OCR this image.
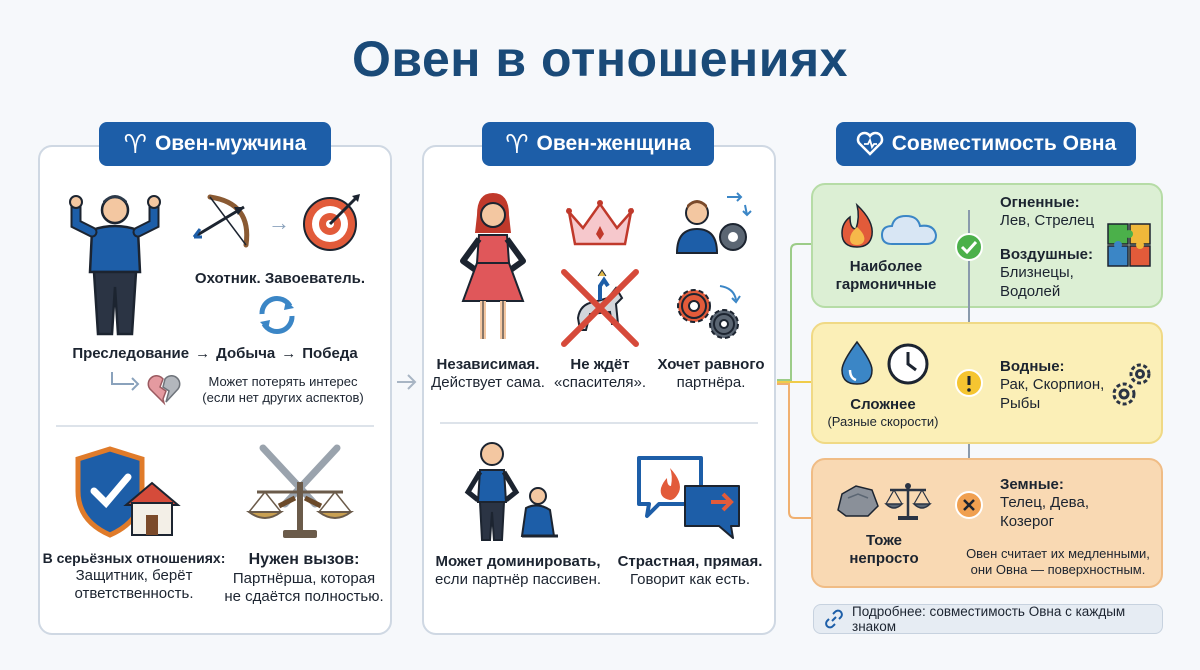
Овен в отношениях
♈ Овен-мужчина
→
Охотник. Завоеватель.
Преследование → Добыча → Победа
Может потерять интерес
(если нет других аспектов)
В серьёзных отношениях:
Защитник, берёт
ответственность.
Нужен вызов:
Партнёрша, которая
не сдаётся полностью.
♈ Овен-женщина
Независимая.
Действует сама.
Не ждёт
«спасителя».
Хочет равного
партнёра.
Может доминировать,
если партнёр пассивен.
Страстная, прямая.
Говорит как есть.
Совместимость Овна
Наиболее
гармоничные
Огненные:
Лев, Стрелец
Воздушные:
Близнецы,
Водолей
Сложнее
(Разные скорости)
Водные:
Рак, Скорпион,
Рыбы
Тоже
непросто
Земные:
Телец, Дева,
Козерог
Овен считает их медленными,
они Овна — поверхностным.
Подробнее: совместимость Овна с каждым знаком
